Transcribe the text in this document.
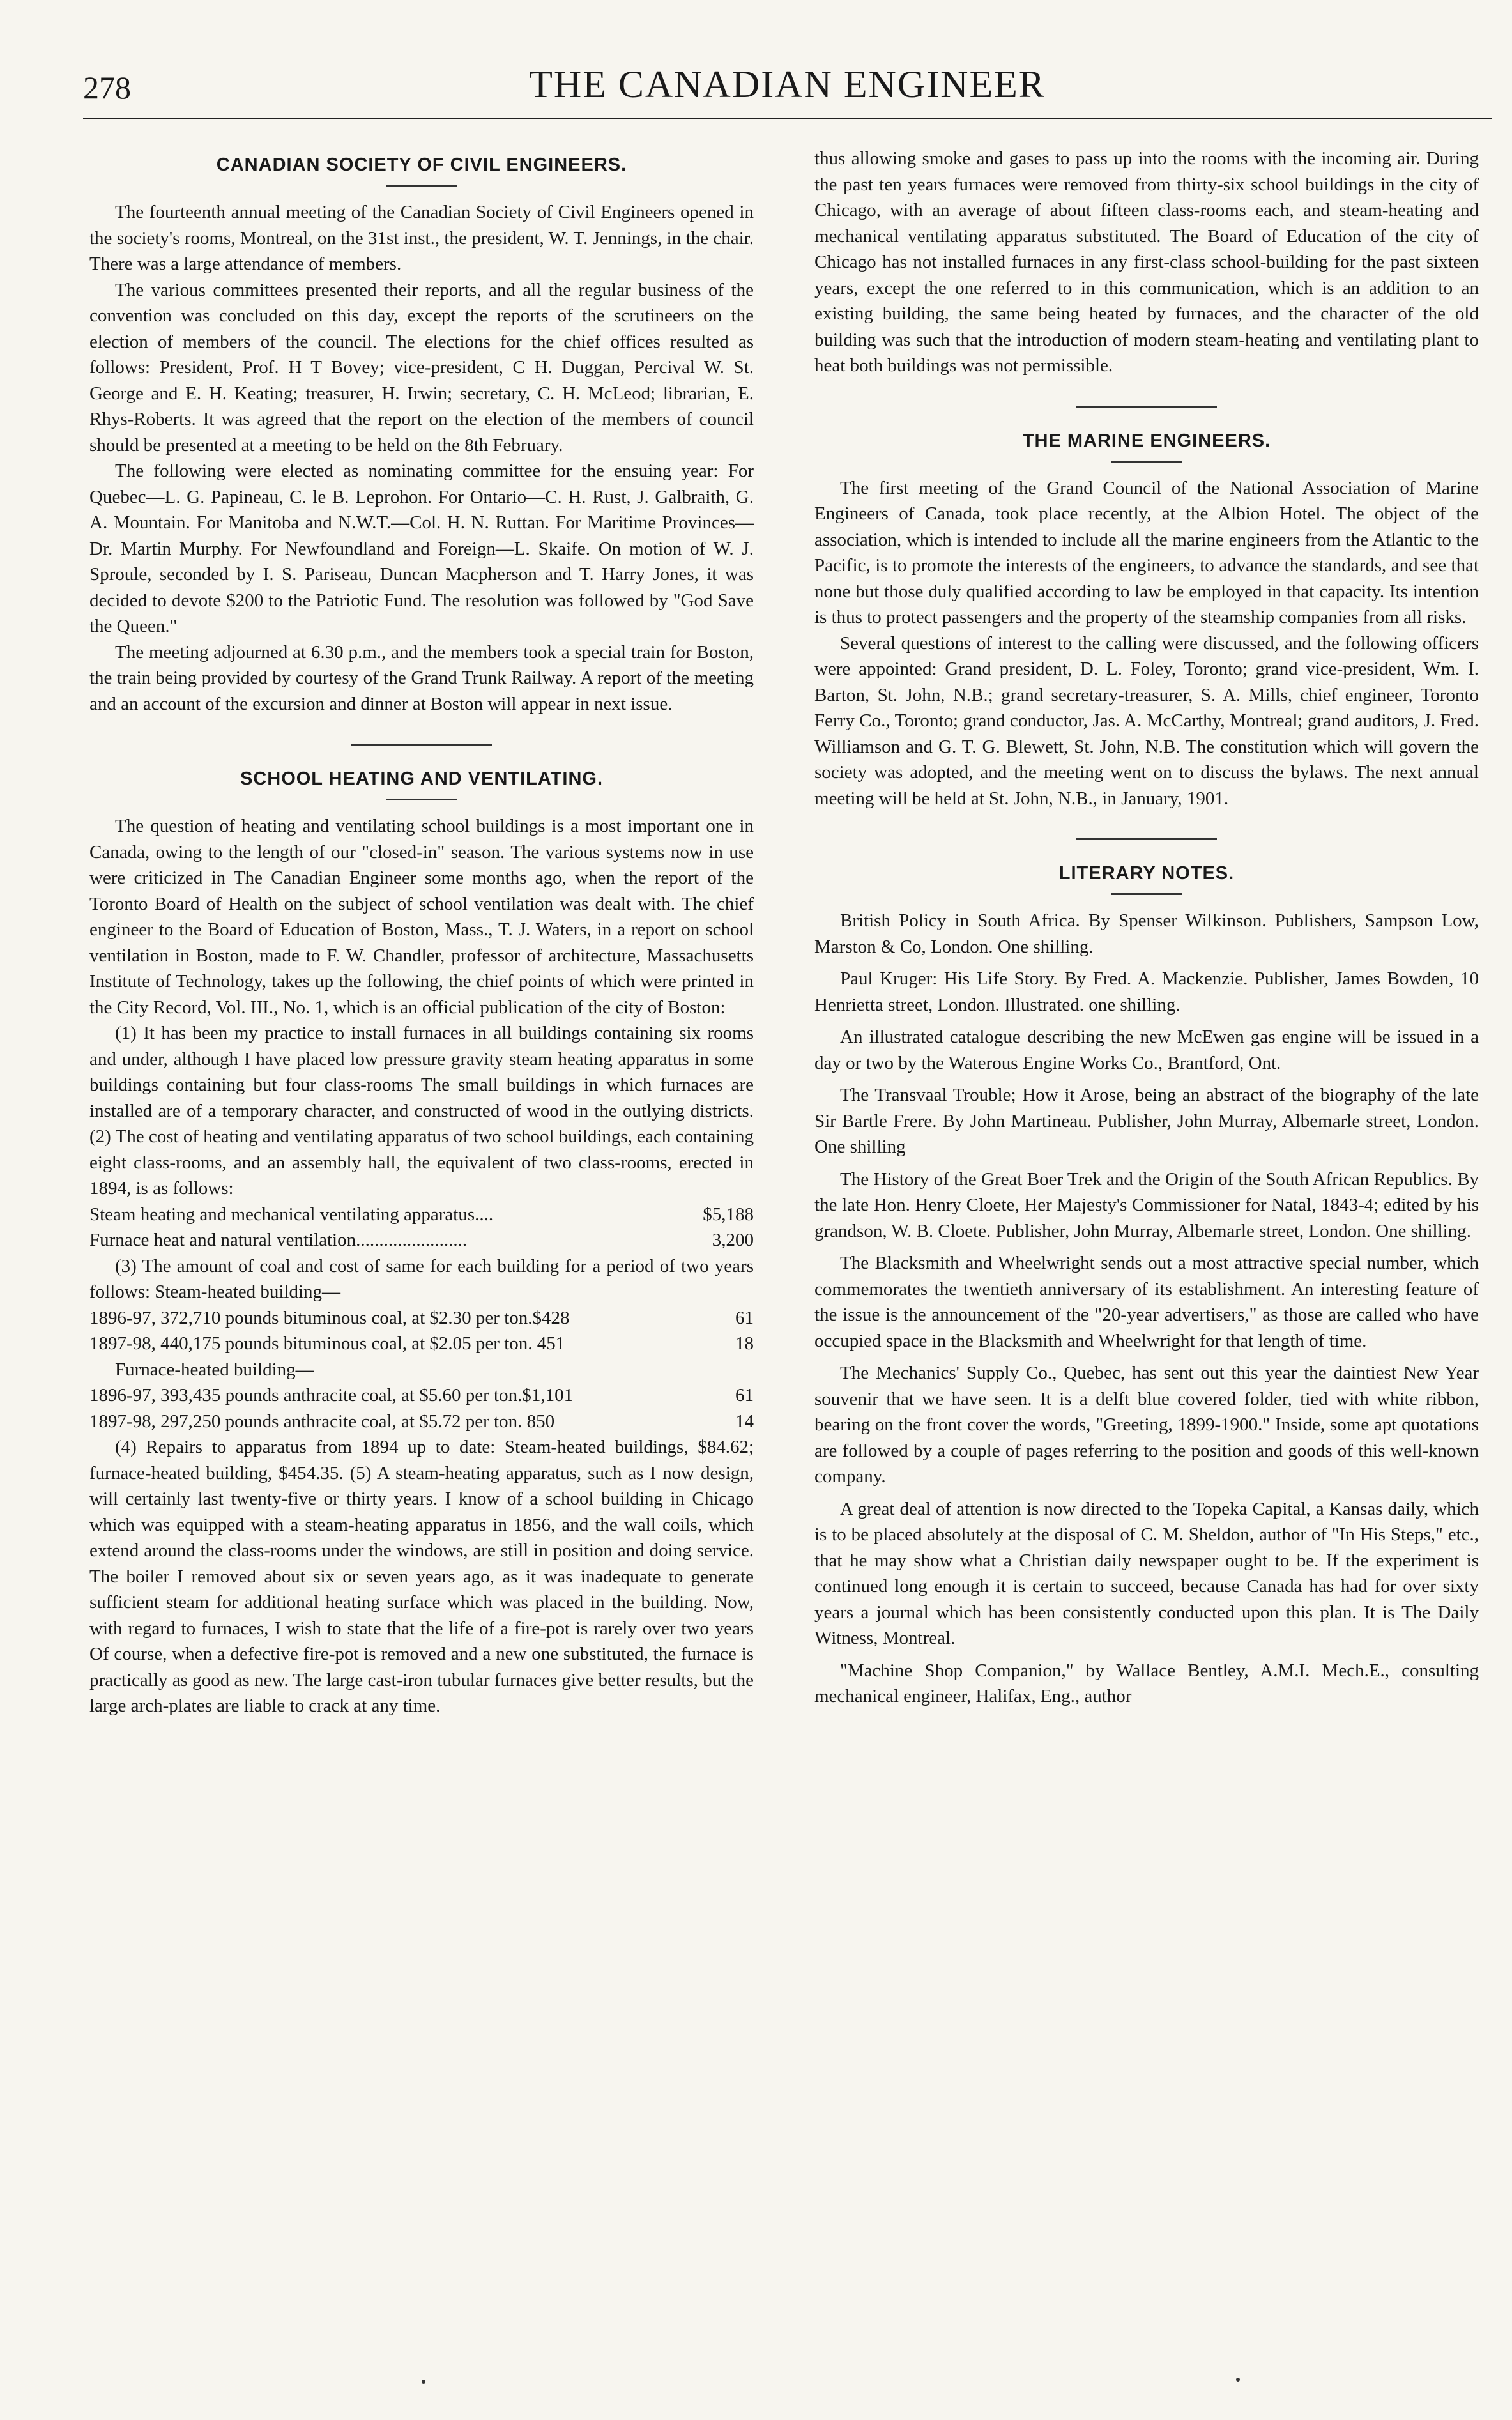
278	THE CANADIAN ENGINEER
CANADIAN SOCIETY OF CIVIL ENGINEERS.

The fourteenth annual meeting of the Canadian Society of Civil Engineers opened in the society's rooms, Montreal, on the 31st inst., the president, W. T. Jennings, in the chair. There was a large attendance of members.

The various committees presented their reports, and all the regular business of the convention was concluded on this day, except the reports of the scrutineers on the election of members of the council. The elections for the chief offices resulted as follows: President, Prof. H T Bovey; vice-president, C H. Duggan, Percival W. St. George and E. H. Keating; treasurer, H. Irwin; secretary, C. H. McLeod; librarian, E. Rhys-Roberts. It was agreed that the report on the election of the members of council should be presented at a meeting to be held on the 8th February.

The following were elected as nominating committee for the ensuing year: For Quebec—L. G. Papineau, C. le B. Leprohon. For Ontario—C. H. Rust, J. Galbraith, G. A. Mountain. For Manitoba and N.W.T.—Col. H. N. Ruttan. For Maritime Provinces—Dr. Martin Murphy. For Newfoundland and Foreign—L. Skaife. On motion of W. J. Sproule, seconded by I. S. Pariseau, Duncan Macpherson and T. Harry Jones, it was decided to devote $200 to the Patriotic Fund. The resolution was followed by "God Save the Queen."

The meeting adjourned at 6.30 p.m., and the members took a special train for Boston, the train being provided by courtesy of the Grand Trunk Railway. A report of the meeting and an account of the excursion and dinner at Boston will appear in next issue.

SCHOOL HEATING AND VENTILATING.

The question of heating and ventilating school buildings is a most important one in Canada, owing to the length of our "closed-in" season. The various systems now in use were criticized in The Canadian Engineer some months ago, when the report of the Toronto Board of Health on the subject of school ventilation was dealt with. The chief engineer to the Board of Education of Boston, Mass., T. J. Waters, in a report on school ventilation in Boston, made to F. W. Chandler, professor of architecture, Massachusetts Institute of Technology, takes up the following, the chief points of which were printed in the City Record, Vol. III., No. 1, which is an official publication of the city of Boston:

(1) It has been my practice to install furnaces in all buildings containing six rooms and under, although I have placed low pressure gravity steam heating apparatus in some buildings containing but four class-rooms The small buildings in which furnaces are installed are of a temporary character, and constructed of wood in the outlying districts. (2) The cost of heating and ventilating apparatus of two school buildings, each containing eight class-rooms, and an assembly hall, the equivalent of two class-rooms, erected in 1894, is as follows:

Steam heating and mechanical ventilating apparatus....	$5,188
Furnace heat and natural ventilation........................	3,200

(3) The amount of coal and cost of same for each building for a period of two years follows: Steam-heated building—

1896-97, 372,710 pounds bituminous coal, at $2.30 per ton.$428	61
1897-98, 440,175 pounds bituminous coal, at $2.05 per ton. 451	18
Furnace-heated building—
1896-97, 393,435 pounds anthracite coal, at $5.60 per ton.$1,101	61
1897-98, 297,250 pounds anthracite coal, at $5.72 per ton. 850	14

(4) Repairs to apparatus from 1894 up to date: Steam-heated buildings, $84.62; furnace-heated building, $454.35. (5) A steam-heating apparatus, such as I now design, will certainly last twenty-five or thirty years. I know of a school building in Chicago which was equipped with a steam-heating apparatus in 1856, and the wall coils, which extend around the class-rooms under the windows, are still in position and doing service. The boiler I removed about six or seven years ago, as it was inadequate to generate sufficient steam for additional heating surface which was placed in the building. Now, with regard to furnaces, I wish to state that the life of a fire-pot is rarely over two years Of course, when a defective fire-pot is removed and a new one substituted, the furnace is practically as good as new. The large cast-iron tubular furnaces give better results, but the large arch-plates are liable to crack at any time.

thus allowing smoke and gases to pass up into the rooms with the incoming air. During the past ten years furnaces were removed from thirty-six school buildings in the city of Chicago, with an average of about fifteen class-rooms each, and steam-heating and mechanical ventilating apparatus substituted. The Board of Education of the city of Chicago has not installed furnaces in any first-class school-building for the past sixteen years, except the one referred to in this communication, which is an addition to an existing building, the same being heated by furnaces, and the character of the old building was such that the introduction of modern steam-heating and ventilating plant to heat both buildings was not permissible.

THE MARINE ENGINEERS.

The first meeting of the Grand Council of the National Association of Marine Engineers of Canada, took place recently, at the Albion Hotel. The object of the association, which is intended to include all the marine engineers from the Atlantic to the Pacific, is to promote the interests of the engineers, to advance the standards, and see that none but those duly qualified according to law be employed in that capacity. Its intention is thus to protect passengers and the property of the steamship companies from all risks.

Several questions of interest to the calling were discussed, and the following officers were appointed: Grand president, D. L. Foley, Toronto; grand vice-president, Wm. I. Barton, St. John, N.B.; grand secretary-treasurer, S. A. Mills, chief engineer, Toronto Ferry Co., Toronto; grand conductor, Jas. A. McCarthy, Montreal; grand auditors, J. Fred. Williamson and G. T. G. Blewett, St. John, N.B. The constitution which will govern the society was adopted, and the meeting went on to discuss the bylaws. The next annual meeting will be held at St. John, N.B., in January, 1901.

LITERARY NOTES.

British Policy in South Africa. By Spenser Wilkinson. Publishers, Sampson Low, Marston & Co, London. One shilling.

Paul Kruger: His Life Story. By Fred. A. Mackenzie. Publisher, James Bowden, 10 Henrietta street, London. Illustrated. one shilling.

An illustrated catalogue describing the new McEwen gas engine will be issued in a day or two by the Waterous Engine Works Co., Brantford, Ont.

The Transvaal Trouble; How it Arose, being an abstract of the biography of the late Sir Bartle Frere. By John Martineau. Publisher, John Murray, Albemarle street, London. One shilling

The History of the Great Boer Trek and the Origin of the South African Republics. By the late Hon. Henry Cloete, Her Majesty's Commissioner for Natal, 1843-4; edited by his grandson, W. B. Cloete. Publisher, John Murray, Albemarle street, London. One shilling.

The Blacksmith and Wheelwright sends out a most attractive special number, which commemorates the twentieth anniversary of its establishment. An interesting feature of the issue is the announcement of the "20-year advertisers," as those are called who have occupied space in the Blacksmith and Wheelwright for that length of time.

The Mechanics' Supply Co., Quebec, has sent out this year the daintiest New Year souvenir that we have seen. It is a delft blue covered folder, tied with white ribbon, bearing on the front cover the words, "Greeting, 1899-1900." Inside, some apt quotations are followed by a couple of pages referring to the position and goods of this well-known company.

A great deal of attention is now directed to the Topeka Capital, a Kansas daily, which is to be placed absolutely at the disposal of C. M. Sheldon, author of "In His Steps," etc., that he may show what a Christian daily newspaper ought to be. If the experiment is continued long enough it is certain to succeed, because Canada has had for over sixty years a journal which has been consistently conducted upon this plan. It is The Daily Witness, Montreal.

"Machine Shop Companion," by Wallace Bentley, A.M.I. Mech.E., consulting mechanical engineer, Halifax, Eng., author
